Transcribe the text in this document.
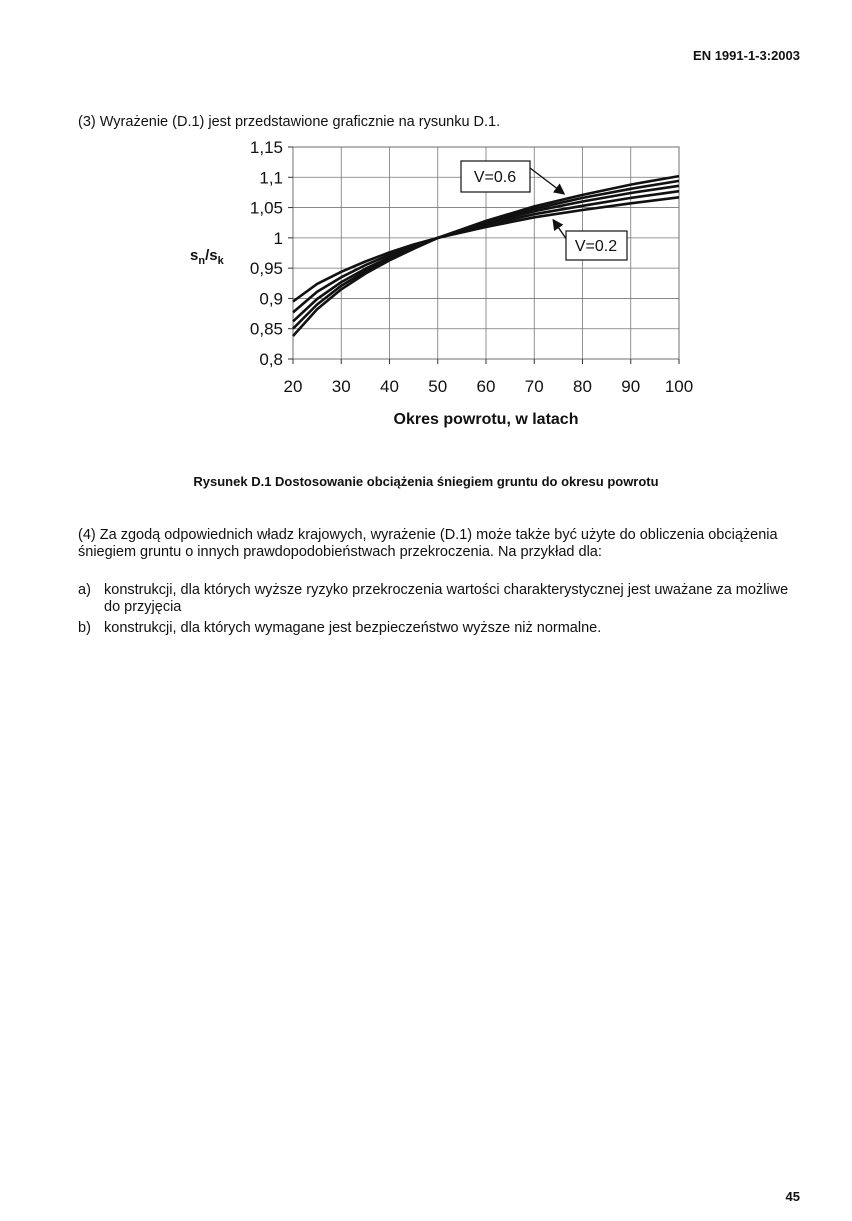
EN 1991-1-3:2003
(3) Wyrażenie (D.1) jest przedstawione graficznie na rysunku D.1.
0,8
0,85
0,9
0,95
1
1,05
1,1
1,15
20 30 40 50 60 70 80 90 100
$s_n/s_k$
Okres powrotu, w latach
V=0.6
V=0.2
Rysunek D.1 Dostosowanie obciążenia śniegiem gruntu do okresu powrotu
(4) Za zgodą odpowiednich władz krajowych, wyrażenie (D.1) może także być użyte do obliczenia obciążenia śniegiem gruntu o innych prawdopodobieństwach przekroczenia. Na przykład dla:
a) konstrukcji, dla których wyższe ryzyko przekroczenia wartości charakterystycznej jest uważane za możliwe do przyjęcia
b) konstrukcji, dla których wymagane jest bezpieczeństwo wyższe niż normalne.
45
